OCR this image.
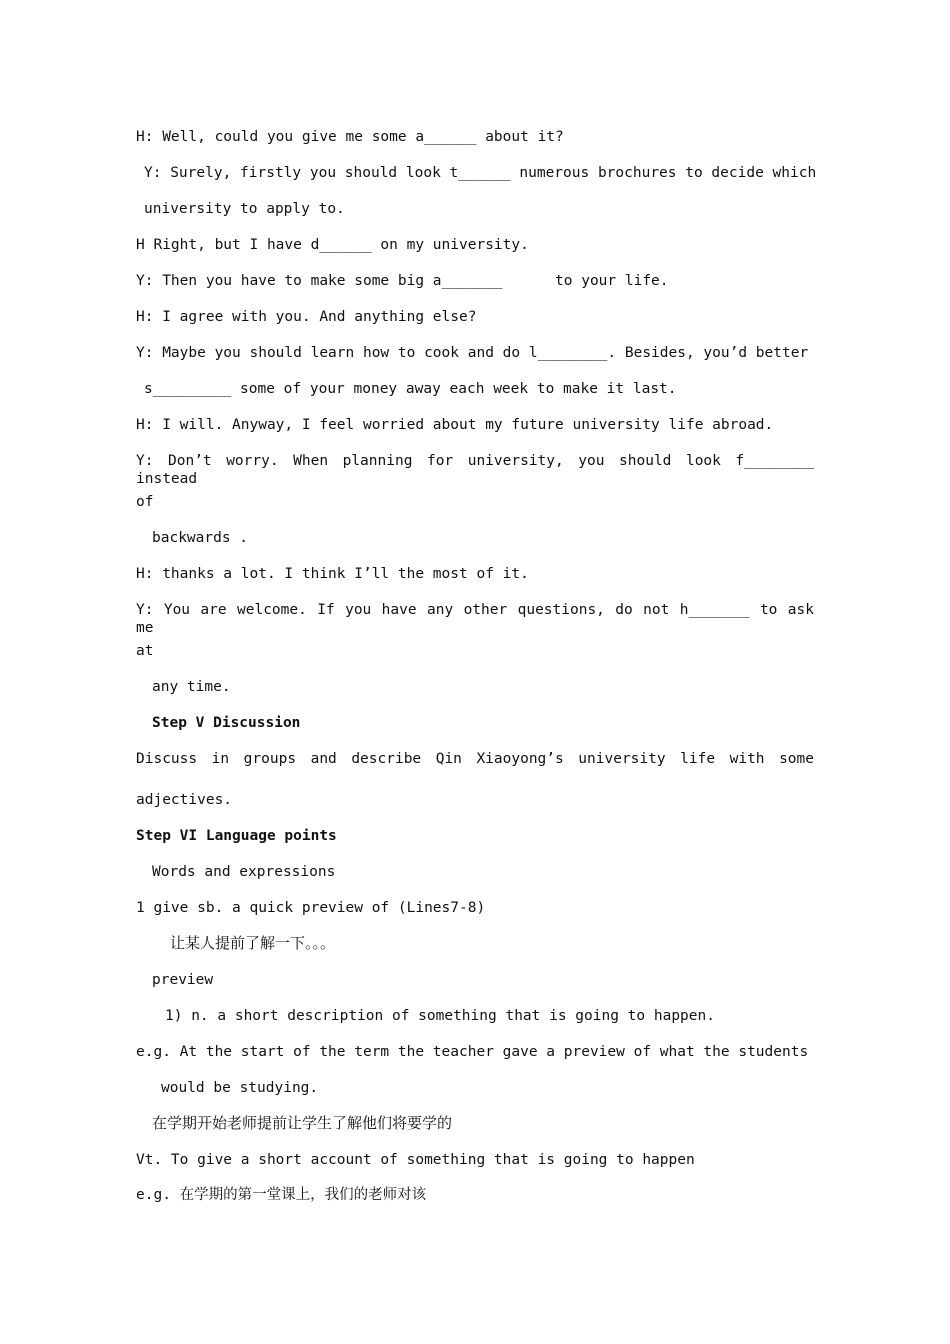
H: Well, could you give me some a______ about it?
Y: Surely, firstly you should look t______ numerous brochures to decide which
university to apply to.
H Right, but I have d______ on my university.
Y: Then you have to make some big a_______      to your life.
H: I agree with you. And anything else?
Y: Maybe you should learn how to cook and do l________. Besides, you’d better
s_________ some of your money away each week to make it last.
H: I will. Anyway, I feel worried about my future university life abroad.
Y: Don’t worry. When planning for university, you should look f________ instead
of
backwards .
H: thanks a lot. I think I’ll the most of it.
Y: You are welcome. If you have any other questions, do not h_______ to ask me
at
any time.
Step V Discussion
Discuss in groups and describe Qin Xiaoyong’s university life with some
adjectives.
Step VI Language points
Words and expressions
1 give sb. a quick preview of (Lines7-8)
让某人提前了解一下。。。
preview
1) n. a short description of something that is going to happen.
e.g. At the start of the term the teacher gave a preview of what the students
would be studying.
在学期开始老师提前让学生了解他们将要学的
Vt. To give a short account of something that is going to happen
e.g. 在学期的第一堂课上，我们的老师对该
